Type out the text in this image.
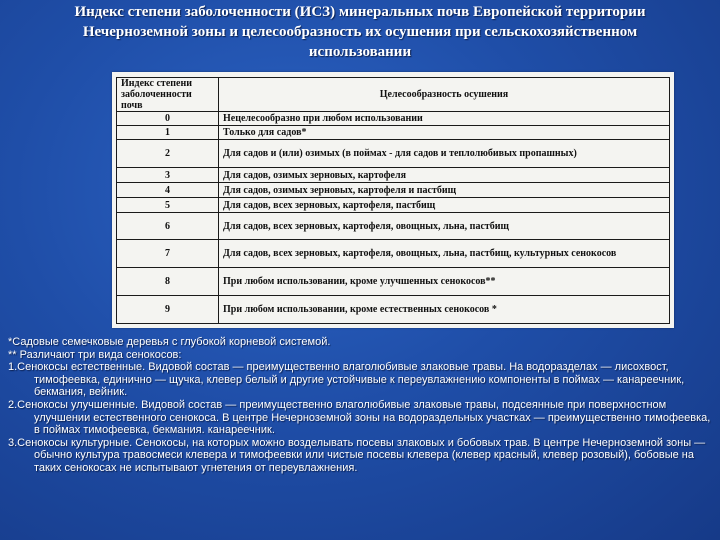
Индекс степени заболоченности (ИСЗ) минеральных почв Европейской территории
Нечерноземной зоны и целесообразность их осушения при сельскохозяйственном
использовании
Индекс степени заболоченности почв	Целесообразность осушения
0	Нецелесообразно при любом использовании
1	Только для садов*
2	Для садов и (или) озимых (в поймах - для садов и теплолюбивых пропашных)
3	Для садов, озимых зерновых, картофеля
4	Для садов, озимых зерновых, картофеля и пастбищ
5	Для садов, всех зерновых, картофеля, пастбищ
6	Для садов, всех зерновых, картофеля, овощных, льна, пастбищ
7	Для садов, всех зерновых, картофеля, овощных, льна, пастбищ, культурных сенокосов
8	При любом использовании, кроме улучшенных сенокосов**
9	При любом использовании, кроме естественных сенокосов *

*Садовые семечковые деревья с глубокой корневой системой.

** Различают три вида сенокосов:

1.Сенокосы естественные. Видовой состав — преимущественно влаголюбивые злаковые травы. На водоразделах — лисохвост, тимофеевка, единично — щучка, клевер белый и другие устойчивые к переувлажнению компоненты в поймах — канареечник, бекмания, вейник.

2.Сенокосы улучшенные. Видовой состав — преимущественно влаголюбивые злаковые травы, подсеянные при поверхностном улучшении естественного сенокоса. В центре Нечерноземной зоны на водораздельных участках — преимущественно тимофеевка, в поймах тимофеевка, бекмания. канареечник.

3.Сенокосы культурные. Сенокосы, на которых можно возделывать посевы злаковых и бобовых трав. В центре Нечерноземной зоны — обычно культура травосмеси клевера и тимофеевки или чистые посевы клевера (клевер красный, клевер розовый), бобовые на таких сенокосах не испытывают угнетения от переувлажнения.
